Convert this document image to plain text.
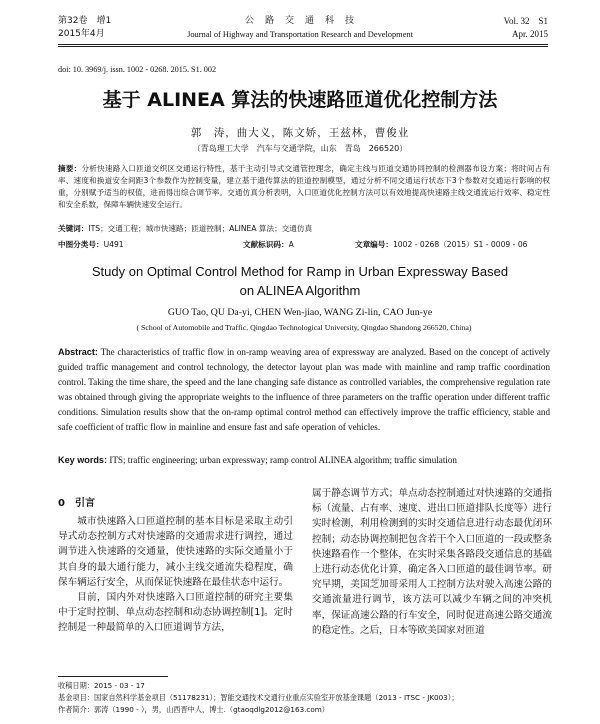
第32卷　增1
2015年4月
公　路　交　通　科　技
Journal of Highway and Transportation Research and Development
Vol. 32　S1
Apr. 2015
doi: 10. 3969/j. issn. 1002 - 0268. 2015. S1. 002
基于 ALINEA 算法的快速路匝道优化控制方法
郭　涛，曲大义，陈文娇，王兹林，曹俊业
（青岛理工大学　汽车与交通学院，山东　青岛　266520）
摘要：分析快速路入口匝道交织区交通运行特性，基于主动引导式交通管控理念，确定主线与匝道交通协同控制的检测器布设方案；将时间占有率、速度和换道安全间距3个参数作为控制变量，建立基于遗传算法的匝道控制模型，通过分析不同交通运行状态下3个参数对交通运行影响的权重，分别赋予适当的权值，进而得出综合调节率。交通仿真分析表明，入口匝道优化控制方法可以有效地提高快速路主线交通流运行效率、稳定性和安全系数，保障车辆快速安全运行。
关键词：ITS；交通工程；城市快速路；匝道控制；ALINEA 算法；交通仿真
中图分类号：U491	文献标识码：A	文章编号：1002 - 0268（2015）S1 - 0009 - 06
Study on Optimal Control Method for Ramp in Urban Expressway Based on ALINEA Algorithm
GUO Tao, QU Da-yi, CHEN Wen-jiao, WANG Zi-lin, CAO Jun-ye
( School of Automobile and Traffic, Qingdao Technological University, Qingdao Shandong 266520, China)
Abstract: The characteristics of traffic flow in on-ramp weaving area of expressway are analyzed. Based on the concept of actively guided traffic management and control technology, the detector layout plan was made with mainline and ramp traffic coordination control. Taking the time share, the speed and the lane changing safe distance as controlled variables, the comprehensive regulation rate was obtained through giving the appropriate weights to the influence of three parameters on the traffic operation under different traffic conditions. Simulation results show that the on-ramp optimal control method can effectively improve the traffic efficiency, stable and safe coefficient of traffic flow in mainline and ensure fast and safe operation of vehicles.
Key words: ITS; traffic engineering; urban expressway; ramp control ALINEA algorithm; traffic simulation
0　引言

城市快速路入口匝道控制的基本目标是采取主动引导式动态控制方式对快速路的交通需求进行调控，通过调节进入快速路的交通量，使快速路的实际交通量小于其自身的最大通行能力，减小主线交通流失稳程度，确保车辆运行安全，从而保证快速路在最佳状态中运行。

目前，国内外对快速路入口匝道控制的研究主要集中于定时控制、单点动态控制和动态协调控制[1]。定时控制是一种最简单的入口匝道调节方法，

属于静态调节方式；单点动态控制通过对快速路的交通指标（流量、占有率、速度、进出口匝道排队长度等）进行实时检测，利用检测到的实时交通信息进行动态最优闭环控制；动态协调控制把包含若干个入口匝道的一段或整条快速路看作一个整体，在实时采集各路段交通信息的基础上进行动态优化计算，确定各入口匝道的最佳调节率。研究早期，美国芝加哥采用人工控制方法对驶入高速公路的交通流量进行调节，该方法可以减少车辆之间的冲突机率，保证高速公路的行车安全，同时促进高速公路交通流的稳定性。之后，日本等欧美国家对匝道

收稿日期：2015 - 03 - 17
基金项目：国家自然科学基金项目（51178231）；智能交通技术交通行业重点实验室开放基金课题（2013 - ITSC - JK003）；
作者简介：郭涛（1990 - ），男，山西晋中人，博士.（gtaoqdlg2012@163.com）
